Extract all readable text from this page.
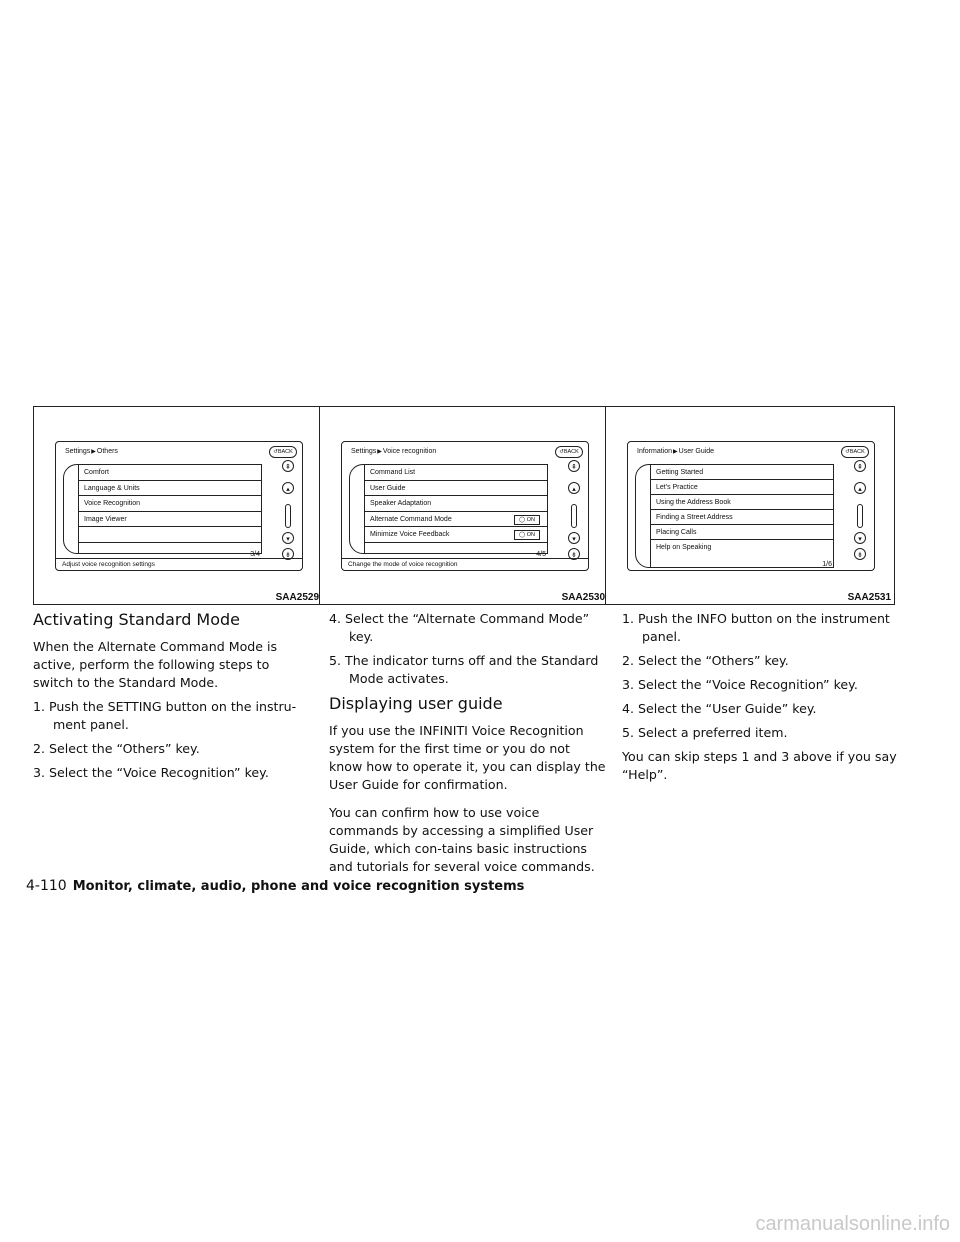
Settings▶Others	↺BACK
Comfort
Language & Units
Voice Recognition
Image Viewer
3/4
⇞
▴
▾
⇟
Adjust voice recognition settings
SAA2529
Settings▶Voice recognition	↺BACK
Command List
User Guide
Speaker Adaptation
Alternate Command Mode	◯ ON
Minimize Voice Feedback	◯ ON
4/5
⇞
▴
▾
⇟
Change the mode of voice recognition
SAA2530
Information▶User Guide	↺BACK
Getting Started
Let's Practice
Using the Address Book
Finding a Street Address
Placing Calls
Help on Speaking
1/6
⇞
▴
▾
⇟
SAA2531
Activating Standard Mode

When the Alternate Command Mode is active, perform the following steps to switch to the Standard Mode.

1. Push the SETTING button on the instru-ment panel.
2. Select the “Others” key.
3. Select the “Voice Recognition” key.
4. Select the “Alternate Command Mode” key.
5. The indicator turns off and the Standard Mode activates.
Displaying user guide

If you use the INFINITI Voice Recognition system for the first time or you do not know how to operate it, you can display the User Guide for confirmation.

You can confirm how to use voice commands by accessing a simplified User Guide, which con-tains basic instructions and tutorials for several voice commands.

1. Push the INFO button on the instrument panel.
2. Select the “Others” key.
3. Select the “Voice Recognition” key.
4. Select the “User Guide” key.
5. Select a preferred item.

You can skip steps 1 and 3 above if you say “Help”.

4-110 Monitor, climate, audio, phone and voice recognition systems
carmanualsonline.info
